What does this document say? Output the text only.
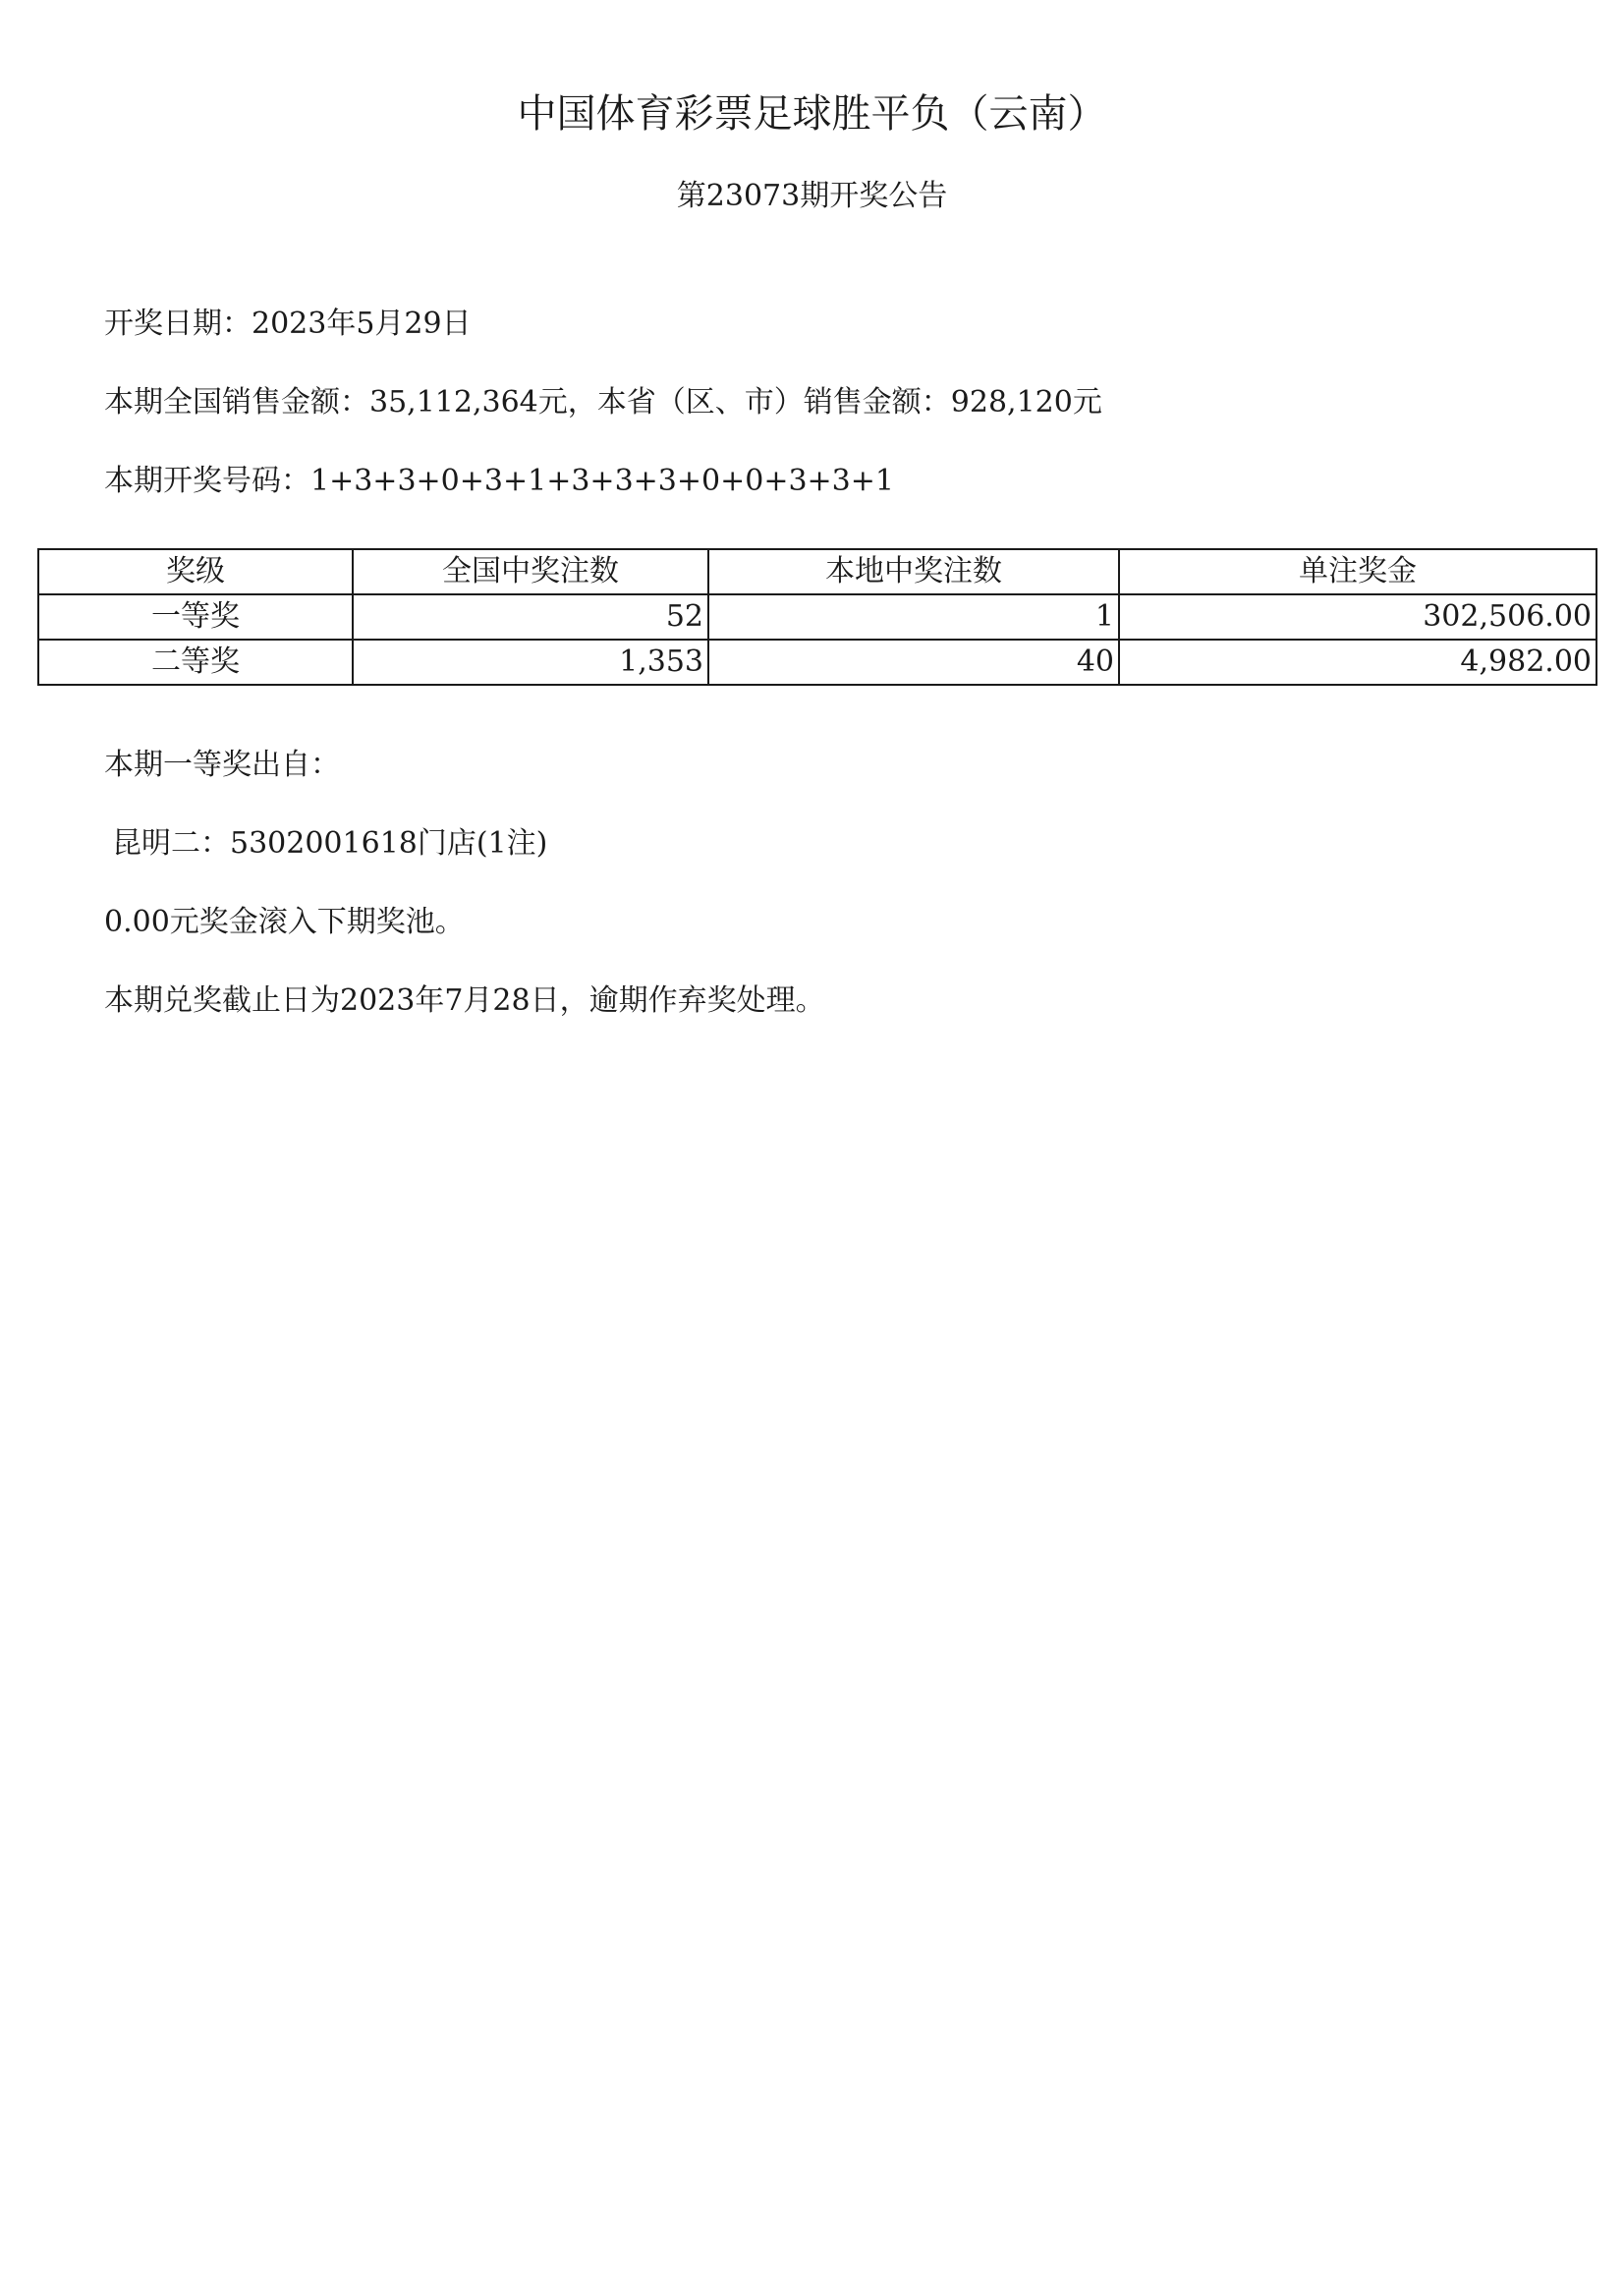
中国体育彩票足球胜平负（云南）
第23073期开奖公告
开奖日期：2023年5月29日
本期全国销售金额：35,112,364元，本省（区、市）销售金额：928,120元
本期开奖号码：1+3+3+0+3+1+3+3+3+0+0+3+3+1
奖级	全国中奖注数	本地中奖注数	单注奖金
一等奖	52	1	302,506.00
二等奖	1,353	40	4,982.00
本期一等奖出自：
昆明二：5302001618门店(1注)
0.00元奖金滚入下期奖池。
本期兑奖截止日为2023年7月28日，逾期作弃奖处理。
